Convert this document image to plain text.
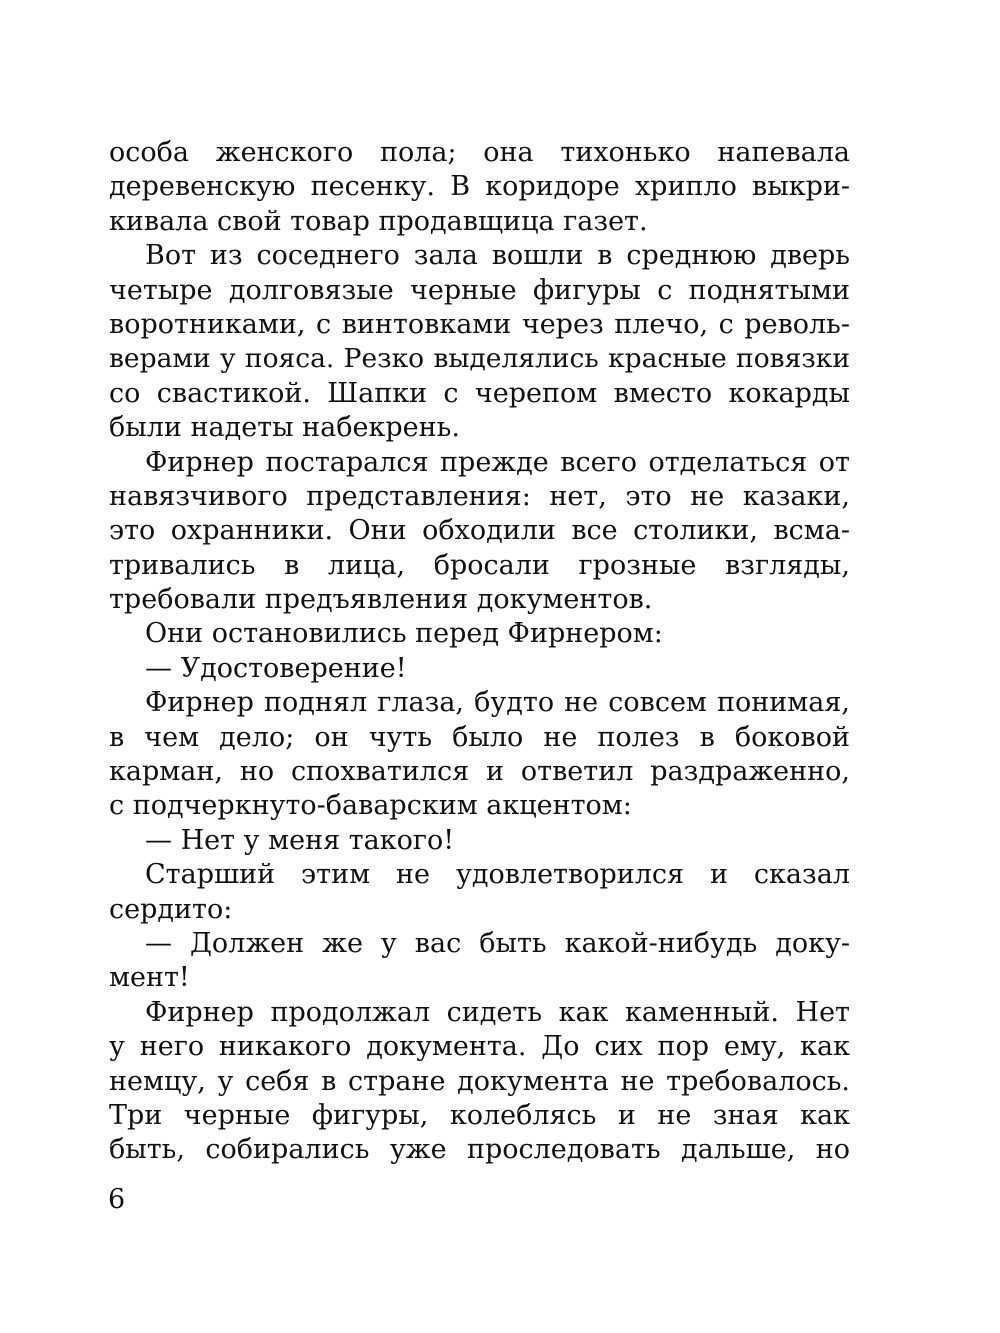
особа женского пола; она тихонько напевала
деревенскую песенку. В коридоре хрипло выкри-
кивала свой товар продавщица газет.
Вот из соседнего зала вошли в среднюю дверь
четыре долговязые черные фигуры с поднятыми
воротниками, с винтовками через плечо, с револь-
верами у пояса. Резко выделялись красные повязки
со свастикой. Шапки с черепом вместо кокарды
были надеты набекрень.
Фирнер постарался прежде всего отделаться от
навязчивого представления: нет, это не казаки,
это охранники. Они обходили все столики, всма-
тривались в лица, бросали грозные взгляды,
требовали предъявления документов.
Они остановились перед Фирнером:
— Удостоверение!
Фирнер поднял глаза, будто не совсем понимая,
в чем дело; он чуть было не полез в боковой
карман, но спохватился и ответил раздраженно,
с подчеркнуто-баварским акцентом:
— Нет у меня такого!
Старший этим не удовлетворился и сказал
сердито:
— Должен же у вас быть какой-нибудь доку-
мент!
Фирнер продолжал сидеть как каменный. Нет
у него никакого документа. До сих пор ему, как
немцу, у себя в стране документа не требовалось.
Три черные фигуры, колеблясь и не зная как
быть, собирались уже проследовать дальше, но
6
